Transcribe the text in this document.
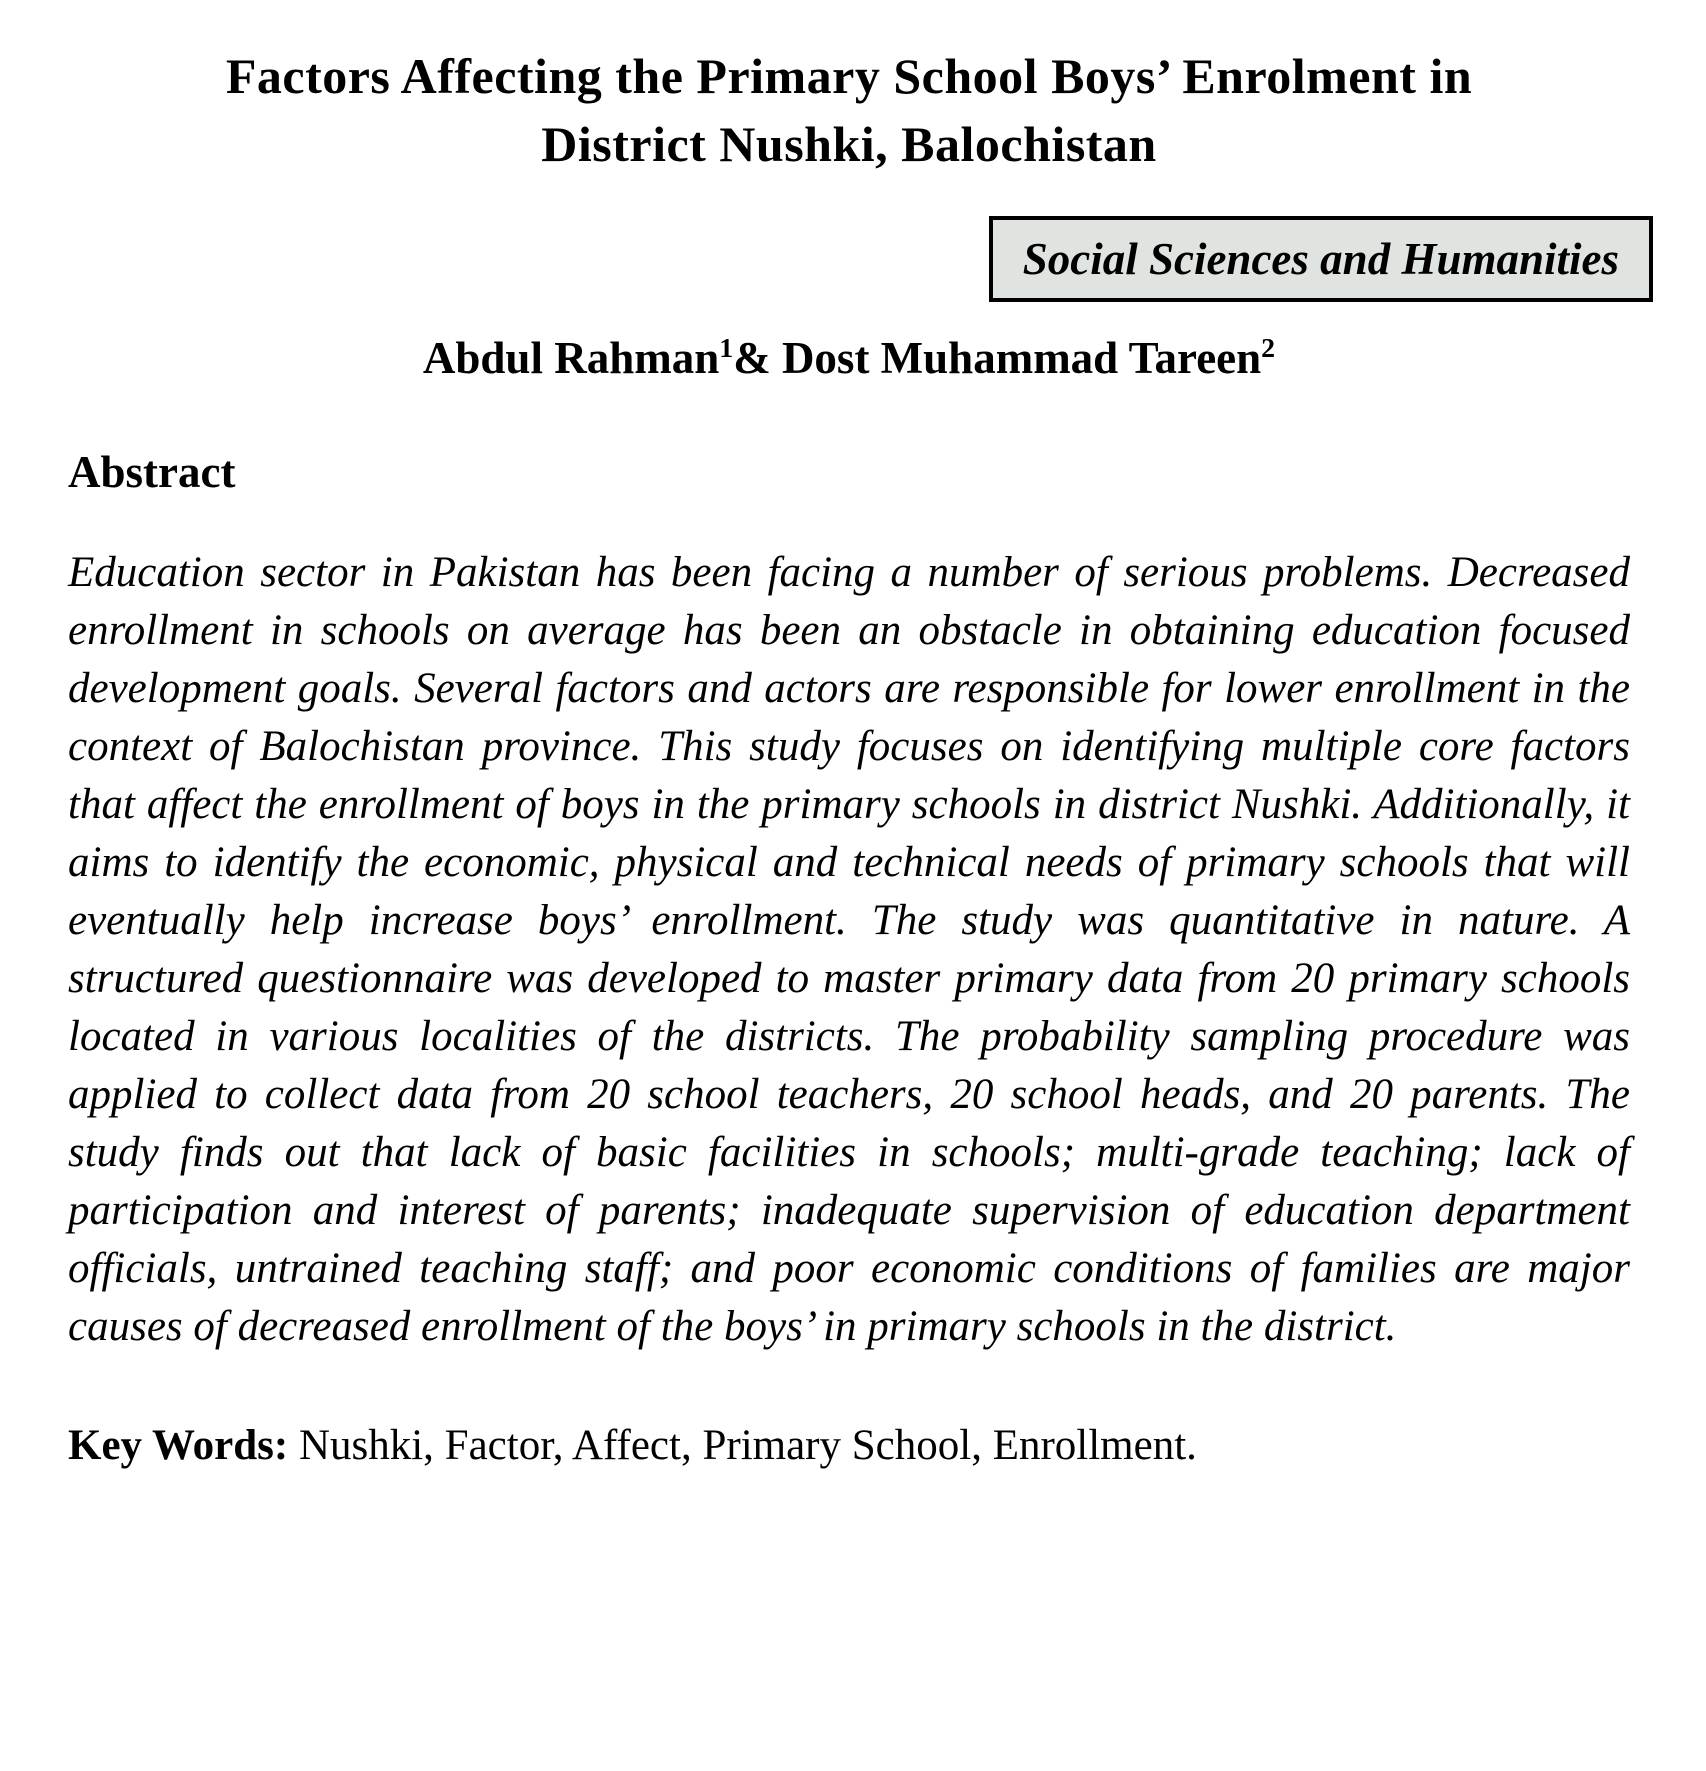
Factors Affecting the Primary School Boys’ Enrolment in
District Nushki, Balochistan
Social Sciences and Humanities
Abdul Rahman$^1$& Dost Muhammad Tareen$^2$
Abstract

Education sector in Pakistan has been facing a number of serious problems. Decreased enrollment in schools on average has been an obstacle in obtaining education focused development goals. Several factors and actors are responsible for lower enrollment in the context of Balochistan province. This study focuses on identifying multiple core factors that affect the enrollment of boys in the primary schools in district Nushki. Additionally, it aims to identify the economic, physical and technical needs of primary schools that will eventually help increase boys’ enrollment. The study was quantitative in nature. A structured questionnaire was developed to master primary data from 20 primary schools located in various localities of the districts. The probability sampling procedure was applied to collect data from 20 school teachers, 20 school heads, and 20 parents. The study finds out that lack of basic facilities in schools; multi-grade teaching; lack of participation and interest of parents; inadequate supervision of education department officials, untrained teaching staff; and poor economic conditions of families are major causes of decreased enrollment of the boys’ in primary schools in the district.

Key Words: Nushki, Factor, Affect, Primary School, Enrollment.
